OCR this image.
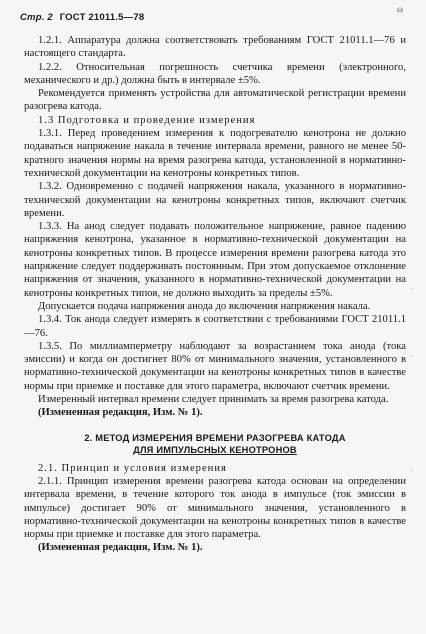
Стр. 2 ГОСТ 21011.5—78
ω
·
·
·

1.2.1. Аппаратура должна соответствовать требованиям ГОСТ 21011.1—76 и настоящего стандарта.

1.2.2. Относительная погрешность счетчика времени (электронного, механического и др.) должна быть в интервале ±5%.

Рекомендуется применять устройства для автоматической регистрации времени разогрева катода.

1.3 Подготовка и проведение измерения

1.3.1. Перед проведением измерения к подогревателю кенотрона не должно подаваться напряжение накала в течение интервала времени, равного не менее 50-кратного значения нормы на время разогрева катода, установленной в нормативно-технической документации на кенотроны конкретных типов.

1.3.2. Одновременно с подачей напряжения накала, указанного в нормативно-технической документации на кенотроны конкретных типов, включают счетчик времени.

1.3.3. На анод следует подавать положительное напряжение, равное падению напряжения кенотрона, указанное в нормативно-технической документации на кенотроны конкретных типов. В процессе измерения времени разогрева катода это напряжение следует поддерживать постоянным. При этом допускаемое отклонение напряжения от значения, указанного в нормативно-технической документации на кенотроны конкретных типов, не должно выходить за пределы ±5%.

Допускается подача напряжения анода до включения напряжения накала.

1.3.4. Ток анода следует измерять в соответствии с требованиями ГОСТ 21011.1—76.

1.3.5. По миллиамперметру наблюдают за возрастанием тока анода (тока эмиссии) и когда он достигнет 80% от минимального значения, установленного в нормативно-технической документации на кенотроны конкретных типов в качестве нормы при приемке и поставке для этого параметра, включают счетчик времени.

Измеренный интервал времени следует принимать за время разогрева катода.

(Измененная редакция, Изм. № 1).

2. МЕТОД ИЗМЕРЕНИЯ ВРЕМЕНИ РАЗОГРЕВА КАТОДА
ДЛЯ ИМПУЛЬСНЫХ КЕНОТРОНОВ

2.1. Принцип и условия измерения

2.1.1. Принцип измерения времени разогрева катода основан на определении интервала времени, в течение которого ток анода в импульсе (ток эмиссии в импульсе) достигает 90% от минимального значения, установленного в нормативно-технической документации на кенотроны конкретных типов в качестве нормы при приемке и поставке для этого параметра.

(Измененная редакция, Изм. № 1).
